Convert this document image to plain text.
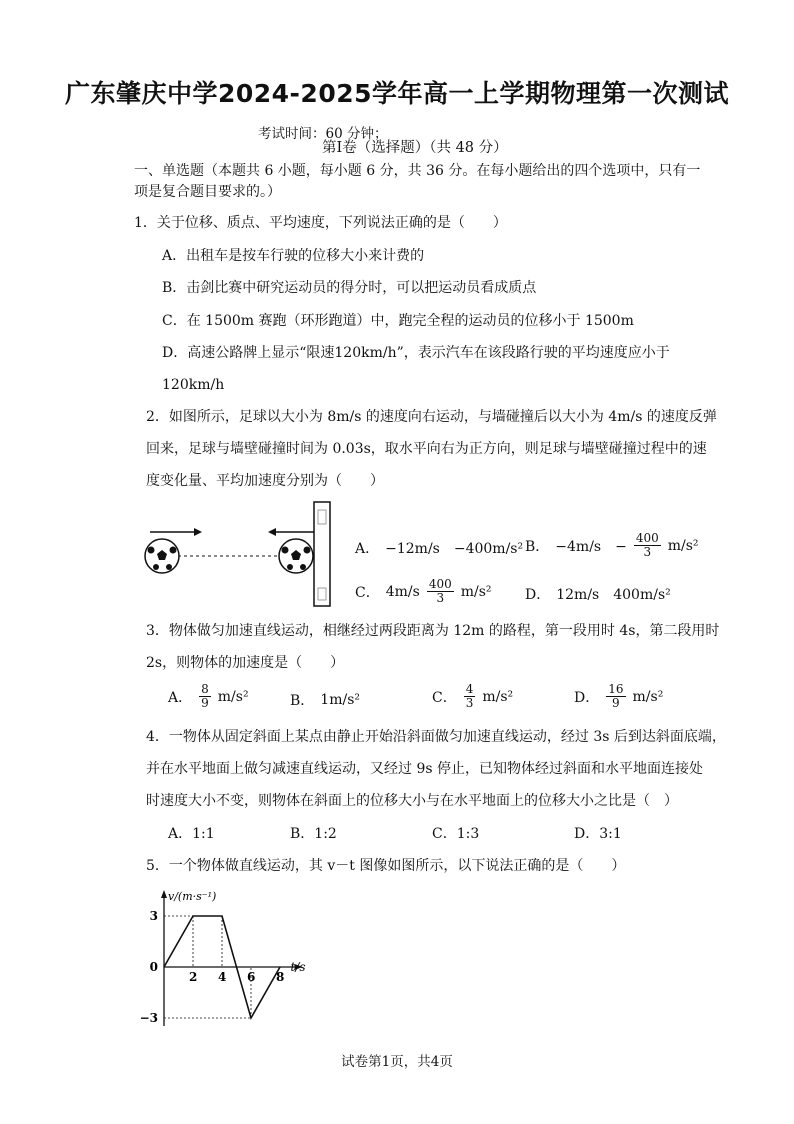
广东肇庆中学2024-2025学年高一上学期物理第一次测试
考试时间：60 分钟；
第Ⅰ卷（选择题）（共 48 分）
一、单选题（本题共 6 小题，每小题 6 分，共 36 分。在每小题给出的四个选项中，只有一
项是复合题目要求的。）
1．关于位移、质点、平均速度，下列说法正确的是（　　）
A．出租车是按车行驶的位移大小来计费的
B．击剑比赛中研究运动员的得分时，可以把运动员看成质点
C．在 1500m 赛跑（环形跑道）中，跑完全程的运动员的位移小于 1500m
D．高速公路牌上显示“限速120km/h”，表示汽车在该段路行驶的平均速度应小于
120km/h
2．如图所示，足球以大小为 8m/s 的速度向右运动，与墙碰撞后以大小为 4m/s 的速度反弹
回来，足球与墙壁碰撞时间为 0.03s，取水平向右为正方向，则足球与墙壁碰撞过程中的速
度变化量、平均加速度分别为（　　）
A． −12m/s　−400m/s² B． −4m/s　− $\frac{400}{3} m/s^2$
C． $4m/s \frac{400}{3} m/s^2$ D． 12m/s　400m/s²
3．物体做匀加速直线运动，相继经过两段距离为 12m 的路程，第一段用时 4s，第二段用时
2s，则物体的加速度是（　　）
A． $\frac{8}{9} m/s^2$	B． 1m/s²	C． $\frac{4}{3} m/s^2$	D． $\frac{16}{9} m/s^2$
4．一物体从固定斜面上某点由静止开始沿斜面做匀加速直线运动，经过 3s 后到达斜面底端，
并在水平地面上做匀减速直线运动，又经过 9s 停止，已知物体经过斜面和水平地面连接处
时速度大小不变，则物体在斜面上的位移大小与在水平地面上的位移大小之比是（　）
A．1:1	B．1:2	C．1:3	D．3:1
5．一个物体做直线运动，其 v－t 图像如图所示，以下说法正确的是（　　）
2 4 6 8
3
0
−3
v/(m·s⁻¹)
t/s
试卷第1页，共4页
